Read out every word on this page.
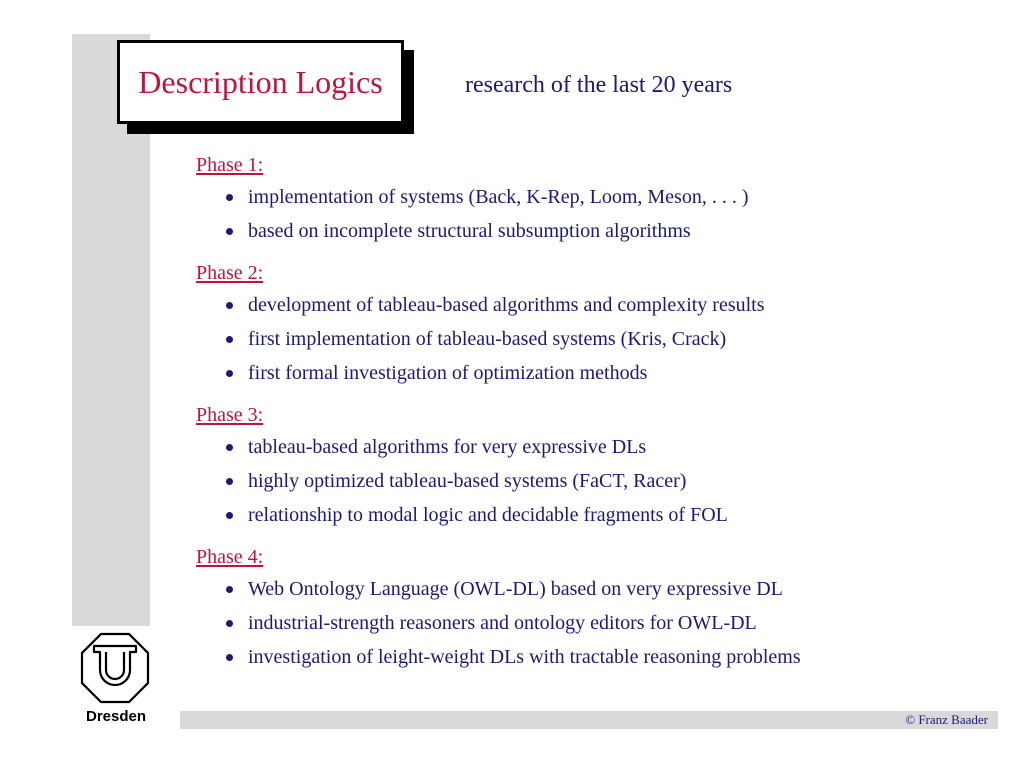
Description Logics	research of the last 20 years
Phase 1:
implementation of systems (Back, K-Rep, Loom, Meson, . . . )
based on incomplete structural subsumption algorithms
Phase 2:
development of tableau-based algorithms and complexity results
first implementation of tableau-based systems (Kris, Crack)
first formal investigation of optimization methods
Phase 3:
tableau-based algorithms for very expressive DLs
highly optimized tableau-based systems (FaCT, Racer)
relationship to modal logic and decidable fragments of FOL
Phase 4:
Web Ontology Language (OWL-DL) based on very expressive DL
industrial-strength reasoners and ontology editors for OWL-DL
investigation of leight-weight DLs with tractable reasoning problems
Dresden	© Franz Baader
